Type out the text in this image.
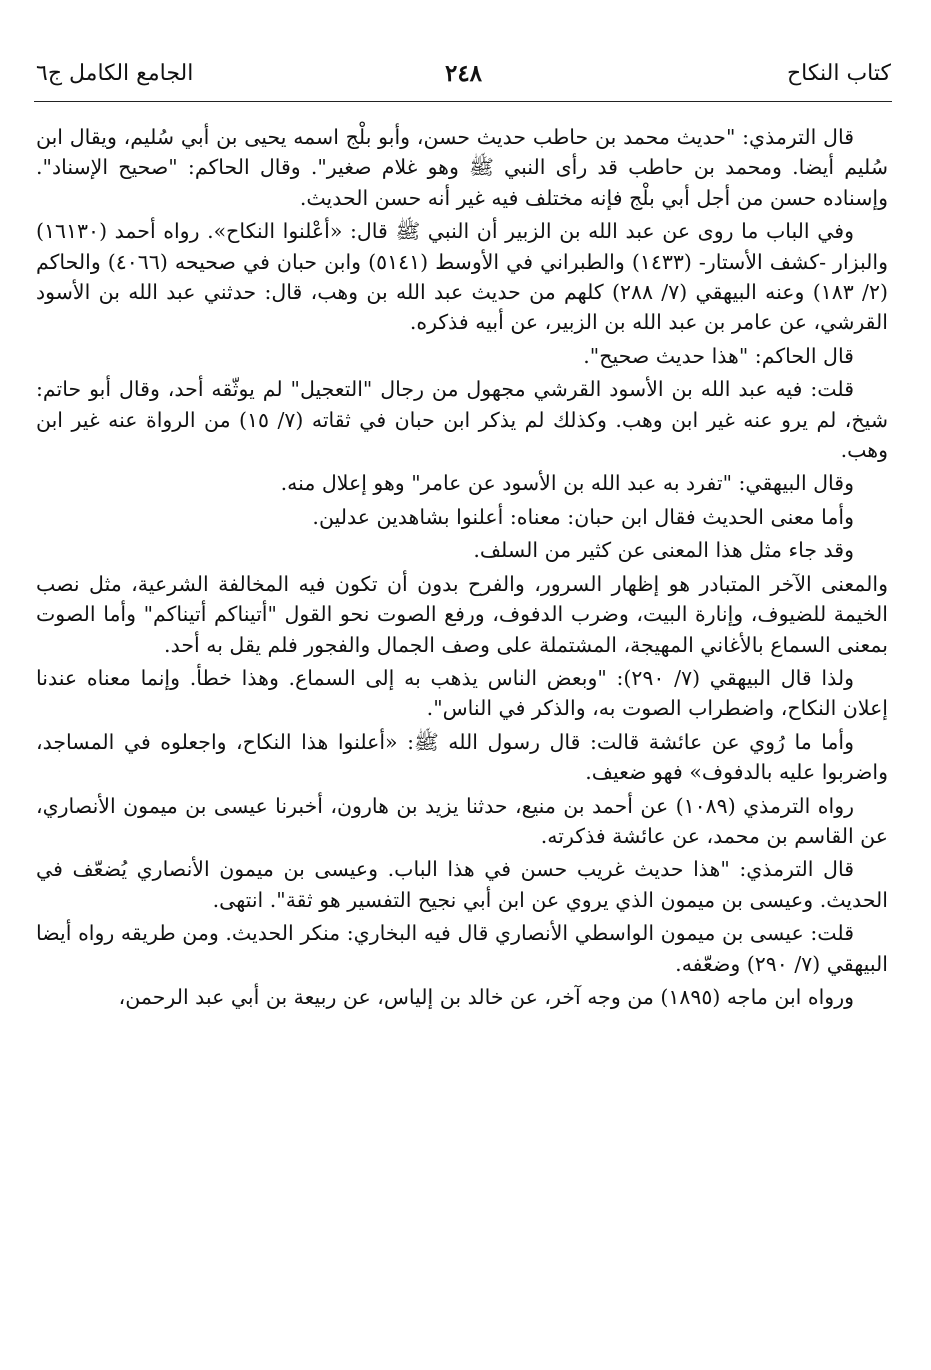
كتاب النكاح
٢٤٨
الجامع الكامل ج٦

قال الترمذي: "حديث محمد بن حاطب حديث حسن، وأبو بلْج اسمه يحيى بن أبي سُليم، ويقال ابن سُليم أيضا. ومحمد بن حاطب قد رأى النبي ﷺ وهو غلام صغير". وقال الحاكم: "صحيح الإسناد". وإسناده حسن من أجل أبي بلْج فإنه مختلف فيه غير أنه حسن الحديث.

وفي الباب ما روى عن عبد الله بن الزبير أن النبي ﷺ قال: «أعْلنوا النكاح». رواه أحمد (١٦١٣٠) والبزار -كشف الأستار- (١٤٣٣) والطبراني في الأوسط (٥١٤١) وابن حبان في صحيحه (٤٠٦٦) والحاكم (٢/ ١٨٣) وعنه البيهقي (٧/ ٢٨٨) كلهم من حديث عبد الله بن وهب، قال: حدثني عبد الله بن الأسود القرشي، عن عامر بن عبد الله بن الزبير، عن أبيه فذكره.

قال الحاكم: "هذا حديث صحيح".

قلت: فيه عبد الله بن الأسود القرشي مجهول من رجال "التعجيل" لم يوثّقه أحد، وقال أبو حاتم: شيخ، لم يرو عنه غير ابن وهب. وكذلك لم يذكر ابن حبان في ثقاته (٧/ ١٥) من الرواة عنه غير ابن وهب.

وقال البيهقي: "تفرد به عبد الله بن الأسود عن عامر" وهو إعلال منه.

وأما معنى الحديث فقال ابن حبان: معناه: أعلنوا بشاهدين عدلين.

وقد جاء مثل هذا المعنى عن كثير من السلف.

والمعنى الآخر المتبادر هو إظهار السرور، والفرح بدون أن تكون فيه المخالفة الشرعية، مثل نصب الخيمة للضيوف، وإنارة البيت، وضرب الدفوف، ورفع الصوت نحو القول "أتيناكم أتيناكم" وأما الصوت بمعنى السماع بالأغاني المهيجة، المشتملة على وصف الجمال والفجور فلم يقل به أحد.

ولذا قال البيهقي (٧/ ٢٩٠): "وبعض الناس يذهب به إلى السماع. وهذا خطأ. وإنما معناه عندنا إعلان النكاح، واضطراب الصوت به، والذكر في الناس".

وأما ما رُوي عن عائشة قالت: قال رسول الله ﷺ: «أعلنوا هذا النكاح، واجعلوه في المساجد، واضربوا عليه بالدفوف» فهو ضعيف.

رواه الترمذي (١٠٨٩) عن أحمد بن منيع، حدثنا يزيد بن هارون، أخبرنا عيسى بن ميمون الأنصاري، عن القاسم بن محمد، عن عائشة فذكرته.

قال الترمذي: "هذا حديث غريب حسن في هذا الباب. وعيسى بن ميمون الأنصاري يُضعّف في الحديث. وعيسى بن ميمون الذي يروي عن ابن أبي نجيح التفسير هو ثقة". انتهى.

قلت: عيسى بن ميمون الواسطي الأنصاري قال فيه البخاري: منكر الحديث. ومن طريقه رواه أيضا البيهقي (٧/ ٢٩٠) وضعّفه.

ورواه ابن ماجه (١٨٩٥) من وجه آخر، عن خالد بن إلياس، عن ربيعة بن أبي عبد الرحمن،
